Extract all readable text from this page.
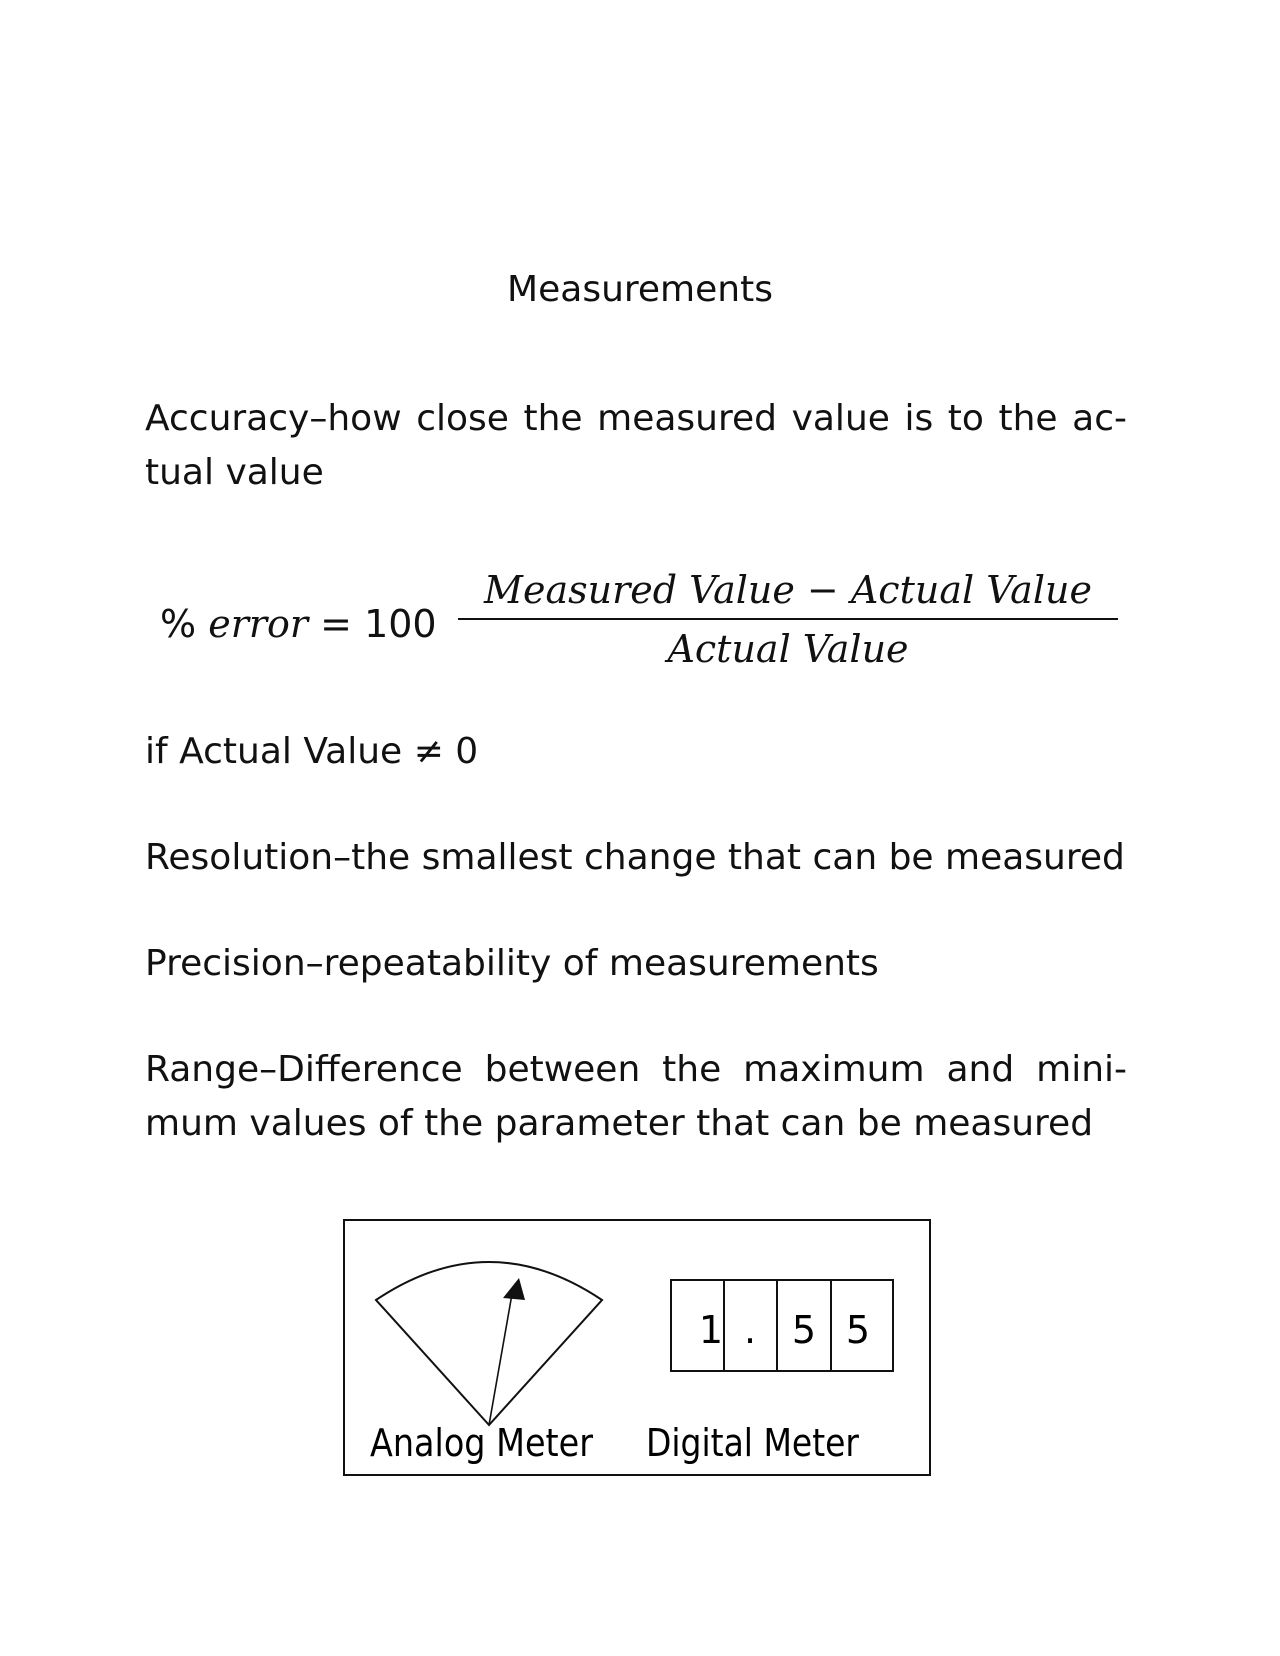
Measurements
Accuracy–how close the measured value is to the ac-
tual value
% error = 100
Measured Value − Actual Value
Actual Value
if Actual Value ≠ 0
Resolution–the smallest change that can be measured
Precision–repeatability of measurements
Range–Difference between the maximum and mini-
mum values of the parameter that can be measured
Analog Meter
1 . 5 5
Digital Meter
